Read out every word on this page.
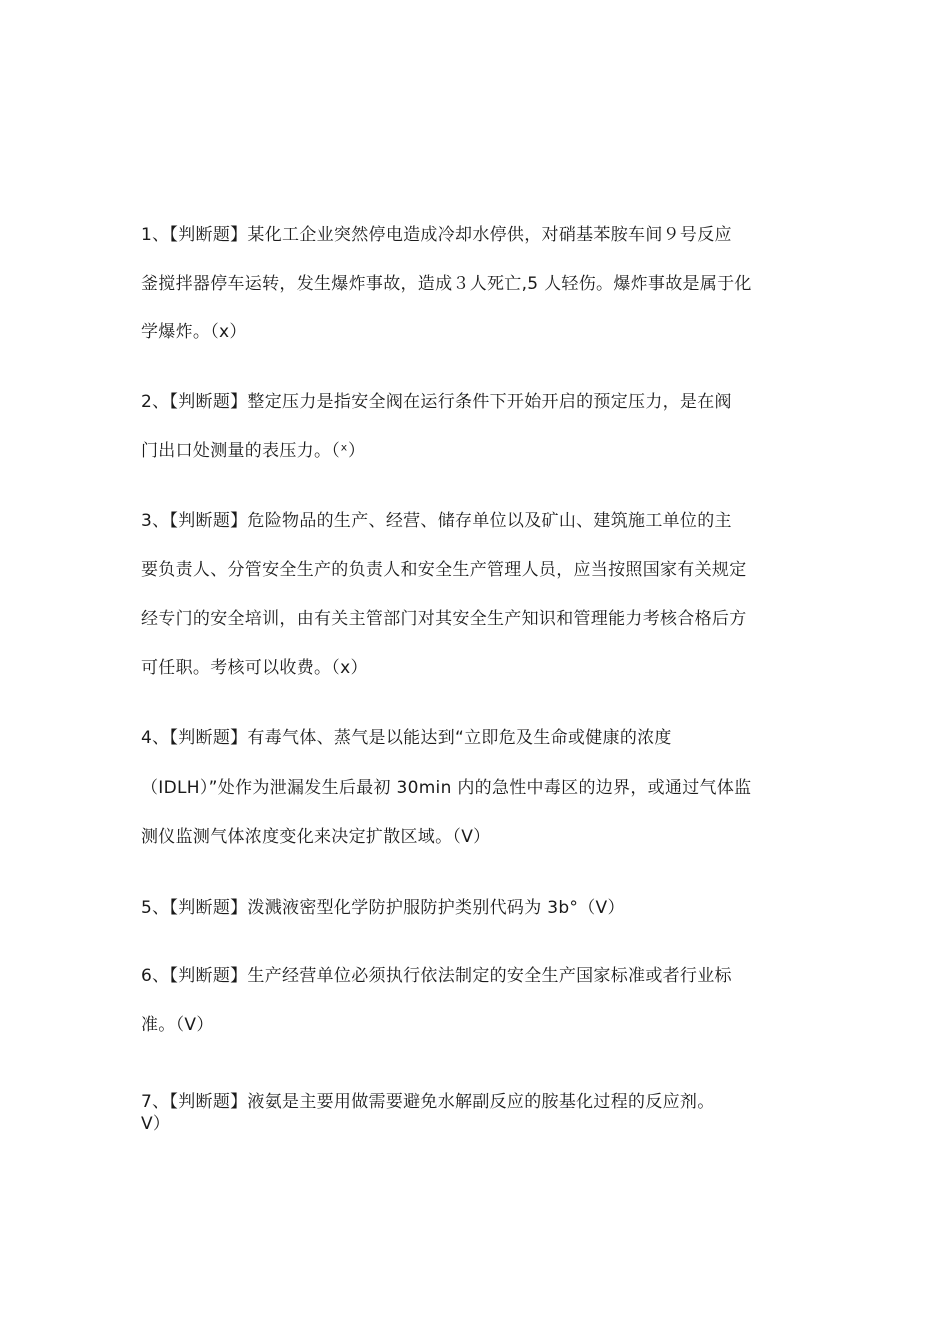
1、【判断题】某化工企业突然停电造成冷却水停供，对硝基苯胺车间９号反应
釜搅拌器停车运转，发生爆炸事故，造成３人死亡,5 人轻伤。爆炸事故是属于化
学爆炸。（x）
2、【判断题】整定压力是指安全阀在运行条件下开始开启的预定压力，是在阀
门出口处测量的表压力。（ˣ）
3、【判断题】危险物品的生产、经营、储存单位以及矿山、建筑施工单位的主
要负责人、分管安全生产的负责人和安全生产管理人员，应当按照国家有关规定
经专门的安全培训，由有关主管部门对其安全生产知识和管理能力考核合格后方
可任职。考核可以收费。（x）
4、【判断题】有毒气体、蒸气是以能达到“立即危及生命或健康的浓度
（IDLH）”处作为泄漏发生后最初 30min 内的急性中毒区的边界，或通过气体监
测仪监测气体浓度变化来决定扩散区域。（V）
5、【判断题】泼溅液密型化学防护服防护类别代码为 3b°（V）
6、【判断题】生产经营单位必须执行依法制定的安全生产国家标准或者行业标
准。（V）
7、【判断题】液氨是主要用做需要避免水解副反应的胺基化过程的反应剂。
V）
